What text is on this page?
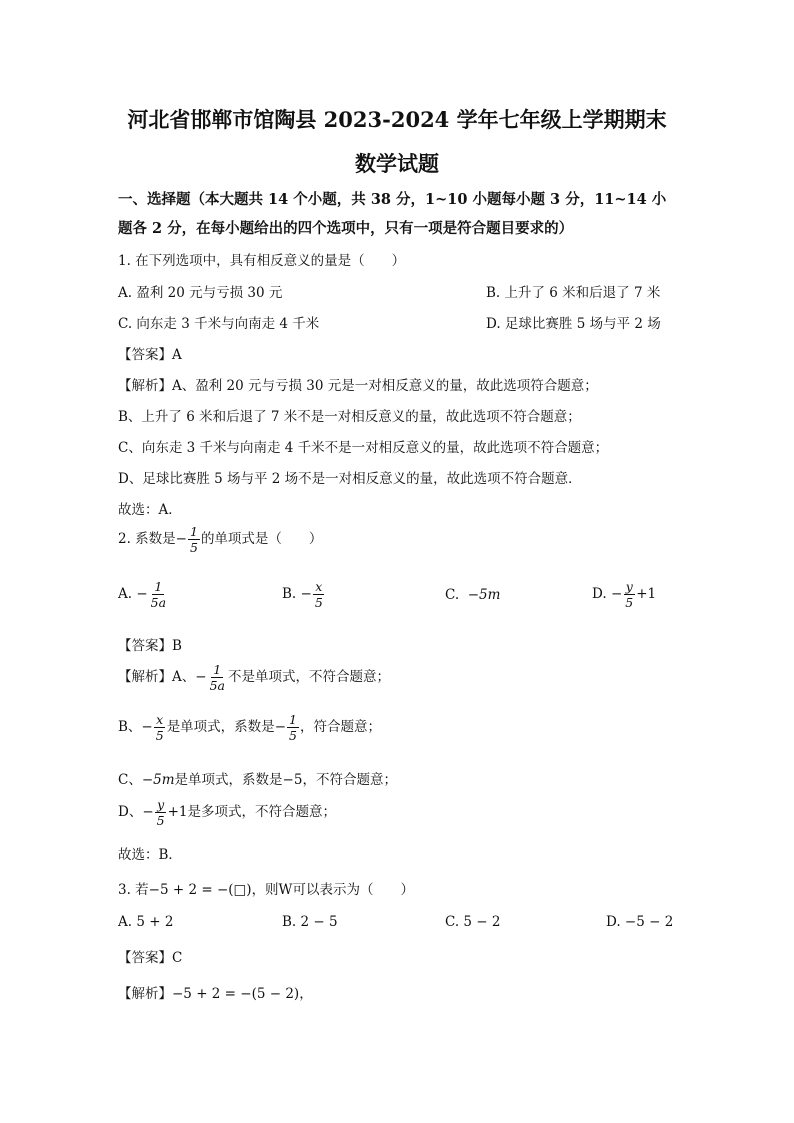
河北省邯郸市馆陶县 2023-2024 学年七年级上学期期末
数学试题
一、选择题（本大题共 14 个小题，共 38 分，1~10 小题每小题 3 分，11~14 小
题各 2 分，在每小题给出的四个选项中，只有一项是符合题目要求的）
1. 在下列选项中，具有相反意义的量是（　　）
A. 盈利 20 元与亏损 30 元	B. 上升了 6 米和后退了 7 米
C. 向东走 3 千米与向南走 4 千米	D. 足球比赛胜 5 场与平 2 场
【答案】A
【解析】A、盈利 20 元与亏损 30 元是一对相反意义的量，故此选项符合题意；
B、上升了 6 米和后退了 7 米不是一对相反意义的量，故此选项不符合题意；
C、向东走 3 千米与向南走 4 千米不是一对相反意义的量，故此选项不符合题意；
D、足球比赛胜 5 场与平 2 场不是一对相反意义的量，故此选项不符合题意．
故选：A．
2. 系数是− $\frac{1}{5}$ 的单项式是（　　）
A. − $\frac{1}{5a}$	B. − $\frac{x}{5}$	C. −5m	D. − $\frac{y}{5} +1$
【答案】B
【解析】A、− $\frac{1}{5a}$ 不是单项式，不符合题意；
B、− $\frac{x}{5}$ 是单项式，系数是− $\frac{1}{5}$ ，符合题意；
C、−5m是单项式，系数是−5，不符合题意；
D、− $\frac{y}{5} +1$是多项式，不符合题意；
故选：B．
3. 若−5 + 2 = −(□)，则W可以表示为（　　）
A. 5 + 2	B. 2 − 5	C. 5 − 2	D. −5 − 2
【答案】C
【解析】−5 + 2 = −(5 − 2)，
